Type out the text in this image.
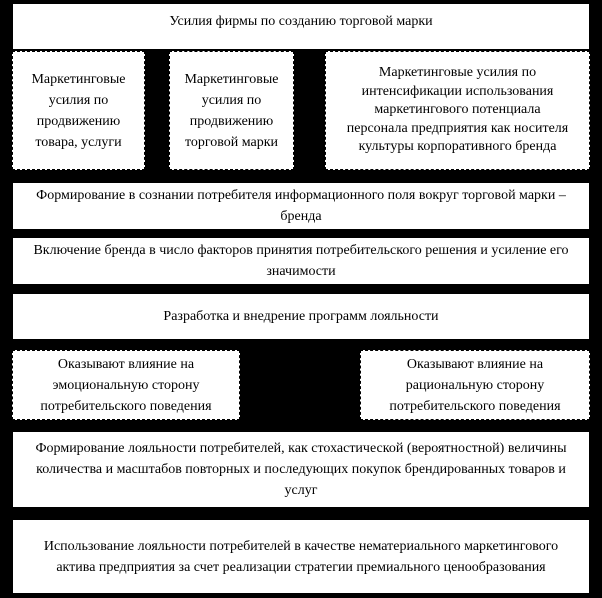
Усилия фирмы по созданию торговой марки
Маркетинговые усилия по продвижению товара, услуги
Маркетинговые усилия по продвижению торговой марки
Маркетинговые усилия по интенсификации использования маркетингового потенциала персонала предприятия как носителя культуры корпоративного бренда
Формирование в сознании потребителя информационного поля вокруг торговой марки – бренда
Включение бренда в число факторов принятия потребительского решения и усиление его значимости
Разработка и внедрение программ лояльности
Оказывают влияние на эмоциональную сторону потребительского поведения
Оказывают влияние на рациональную сторону потребительского поведения
Формирование лояльности потребителей, как стохастической (вероятностной) величины количества и масштабов повторных и последующих покупок брендированных товаров и услуг
Использование лояльности потребителей в качестве нематериального маркетингового актива предприятия за счет реализации стратегии премиального ценообразования
